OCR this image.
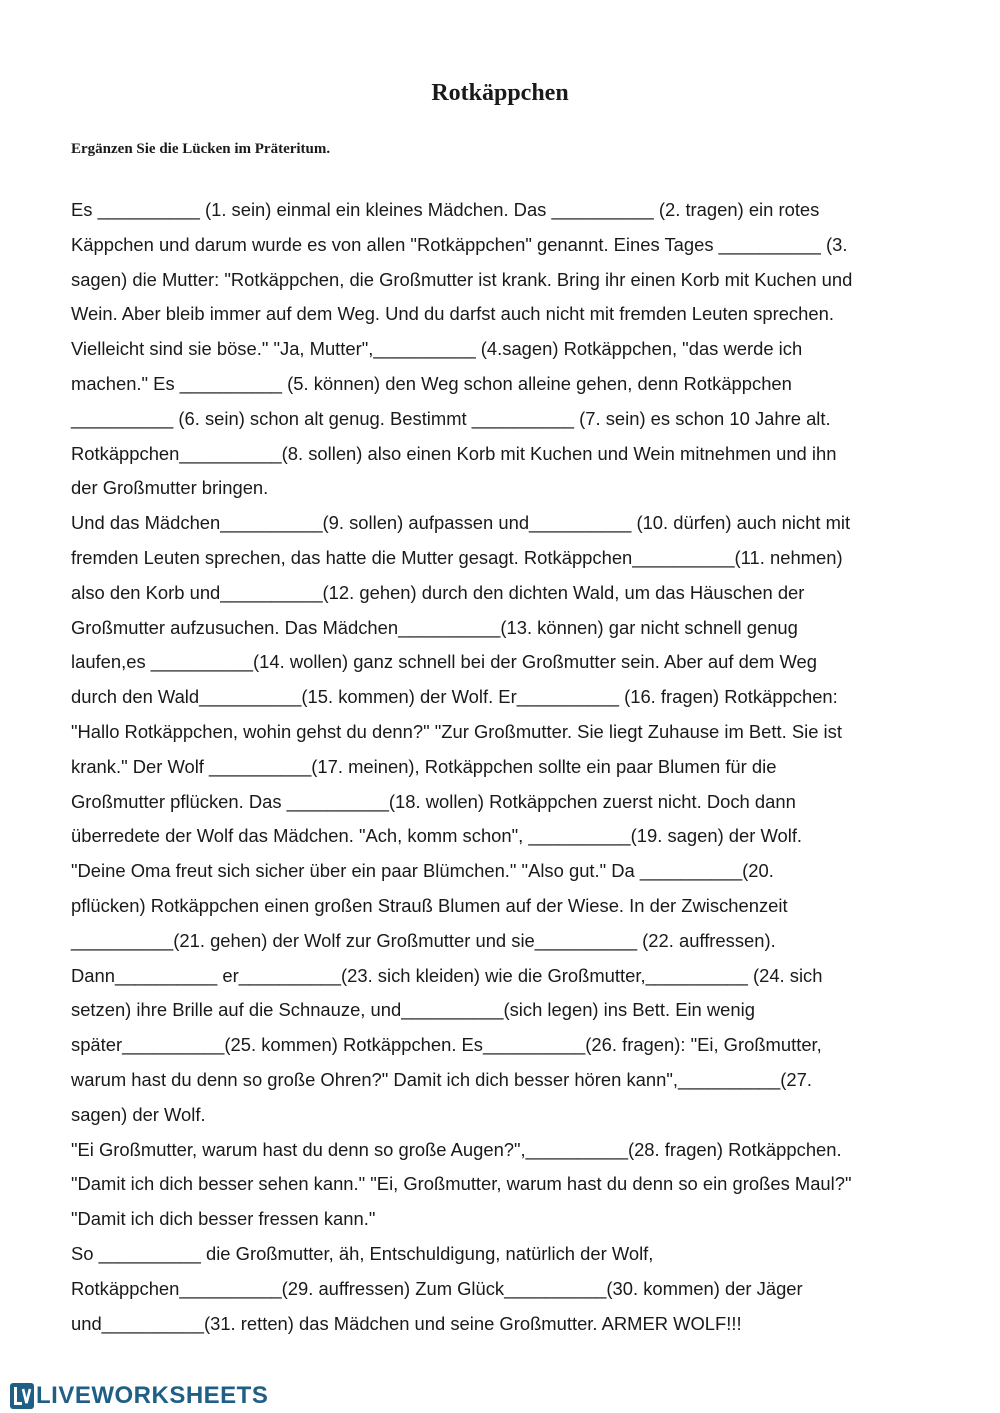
Rotkäppchen

Ergänzen Sie die Lücken im Präteritum.

Es __________ (1. sein) einmal ein kleines Mädchen. Das __________ (2. tragen) ein rotes
Käppchen und darum wurde es von allen "Rotkäppchen" genannt. Eines Tages __________ (3.
sagen) die Mutter: "Rotkäppchen, die Großmutter ist krank. Bring ihr einen Korb mit Kuchen und
Wein. Aber bleib immer auf dem Weg. Und du darfst auch nicht mit fremden Leuten sprechen.
Vielleicht sind sie böse." "Ja, Mutter",__________ (4.sagen) Rotkäppchen, "das werde ich
machen." Es __________ (5. können) den Weg schon alleine gehen, denn Rotkäppchen
__________ (6. sein) schon alt genug. Bestimmt __________ (7. sein) es schon 10 Jahre alt.
Rotkäppchen__________(8. sollen) also einen Korb mit Kuchen und Wein mitnehmen und ihn
der Großmutter bringen.
Und das Mädchen__________(9. sollen) aufpassen und__________ (10. dürfen) auch nicht mit
fremden Leuten sprechen, das hatte die Mutter gesagt. Rotkäppchen__________(11. nehmen)
also den Korb und__________(12. gehen) durch den dichten Wald, um das Häuschen der
Großmutter aufzusuchen. Das Mädchen__________(13. können) gar nicht schnell genug
laufen,es __________(14. wollen) ganz schnell bei der Großmutter sein. Aber auf dem Weg
durch den Wald__________(15. kommen) der Wolf. Er__________ (16. fragen) Rotkäppchen:
"Hallo Rotkäppchen, wohin gehst du denn?" "Zur Großmutter. Sie liegt Zuhause im Bett. Sie ist
krank." Der Wolf __________(17. meinen), Rotkäppchen sollte ein paar Blumen für die
Großmutter pflücken. Das __________(18. wollen) Rotkäppchen zuerst nicht. Doch dann
überredete der Wolf das Mädchen. "Ach, komm schon", __________(19. sagen) der Wolf.
"Deine Oma freut sich sicher über ein paar Blümchen." "Also gut." Da __________(20.
pflücken) Rotkäppchen einen großen Strauß Blumen auf der Wiese. In der Zwischenzeit
__________(21. gehen) der Wolf zur Großmutter und sie__________ (22. auffressen).
Dann__________ er__________(23. sich kleiden) wie die Großmutter,__________ (24. sich
setzen) ihre Brille auf die Schnauze, und__________(sich legen) ins Bett. Ein wenig
später__________(25. kommen) Rotkäppchen. Es__________(26. fragen): "Ei, Großmutter,
warum hast du denn so große Ohren?" Damit ich dich besser hören kann",__________(27.
sagen) der Wolf.
"Ei Großmutter, warum hast du denn so große Augen?",__________(28. fragen) Rotkäppchen.
"Damit ich dich besser sehen kann." "Ei, Großmutter, warum hast du denn so ein großes Maul?"
"Damit ich dich besser fressen kann."
So __________ die Großmutter, äh, Entschuldigung, natürlich der Wolf,
Rotkäppchen__________(29. auffressen) Zum Glück__________(30. kommen) der Jäger
und__________(31. retten) das Mädchen und seine Großmutter. ARMER WOLF!!!
LIVEWORKSHEETS
